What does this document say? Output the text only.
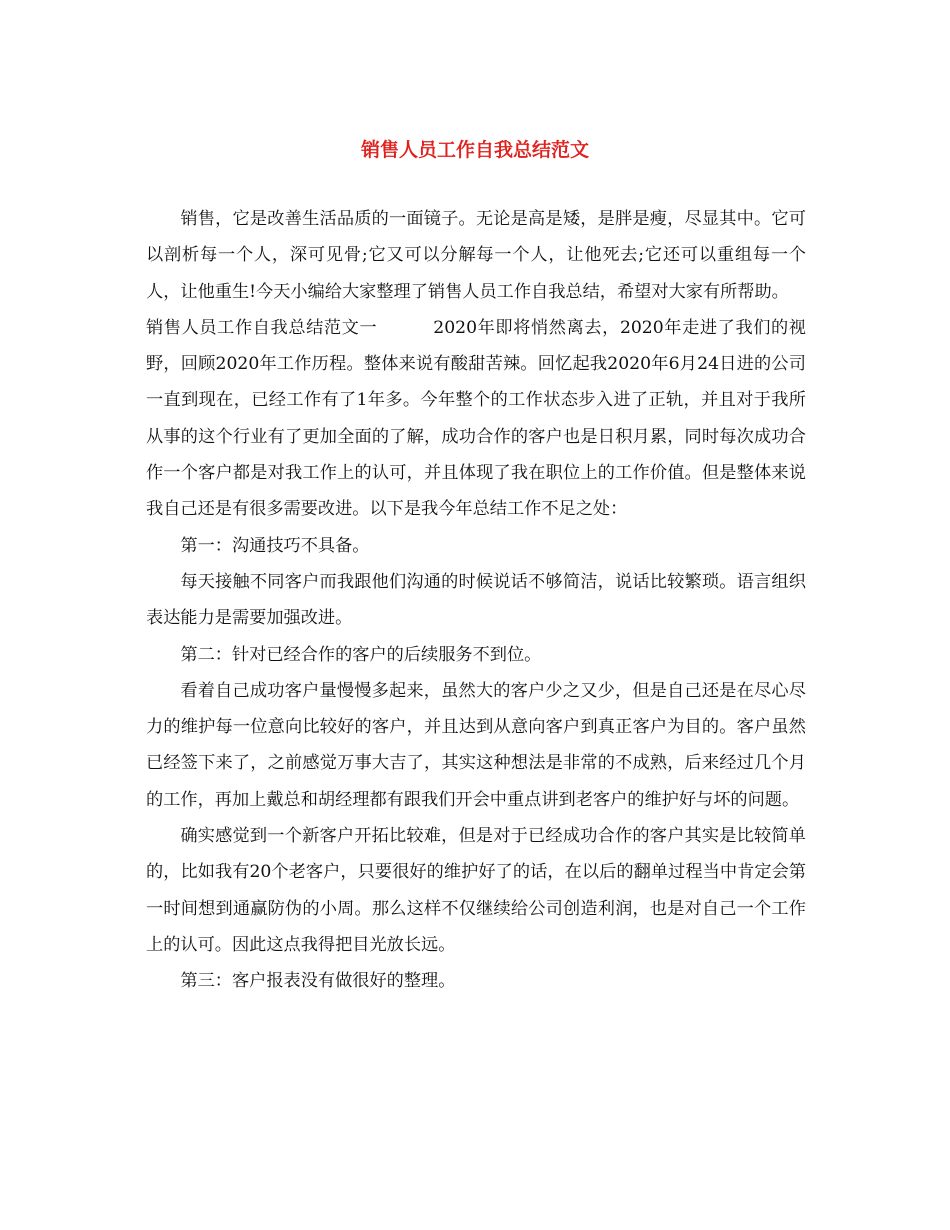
销售人员工作自我总结范文

销售，它是改善生活品质的一面镜子。无论是高是矮，是胖是瘦，尽显其中。它可以剖析每一个人，深可见骨;它又可以分解每一个人，让他死去;它还可以重组每一个人，让他重生!今天小编给大家整理了销售人员工作自我总结，希望对大家有所帮助。

销售人员工作自我总结范文一	2020年即将悄然离去，2020年走进了我们的视野，回顾2020年工作历程。整体来说有酸甜苦辣。回忆起我2020年6月24日进的公司一直到现在，已经工作有了1年多。今年整个的工作状态步入进了正轨，并且对于我所从事的这个行业有了更加全面的了解，成功合作的客户也是日积月累，同时每次成功合作一个客户都是对我工作上的认可，并且体现了我在职位上的工作价值。但是整体来说我自己还是有很多需要改进。以下是我今年总结工作不足之处：

第一：沟通技巧不具备。

每天接触不同客户而我跟他们沟通的时候说话不够简洁，说话比较繁琐。语言组织表达能力是需要加强改进。

第二：针对已经合作的客户的后续服务不到位。

看着自己成功客户量慢慢多起来，虽然大的客户少之又少，但是自己还是在尽心尽力的维护每一位意向比较好的客户，并且达到从意向客户到真正客户为目的。客户虽然已经签下来了，之前感觉万事大吉了，其实这种想法是非常的不成熟，后来经过几个月的工作，再加上戴总和胡经理都有跟我们开会中重点讲到老客户的维护好与坏的问题。

确实感觉到一个新客户开拓比较难，但是对于已经成功合作的客户其实是比较简单的，比如我有20个老客户，只要很好的维护好了的话，在以后的翻单过程当中肯定会第一时间想到通赢防伪的小周。那么这样不仅继续给公司创造利润，也是对自己一个工作上的认可。因此这点我得把目光放长远。

第三：客户报表没有做很好的整理。
